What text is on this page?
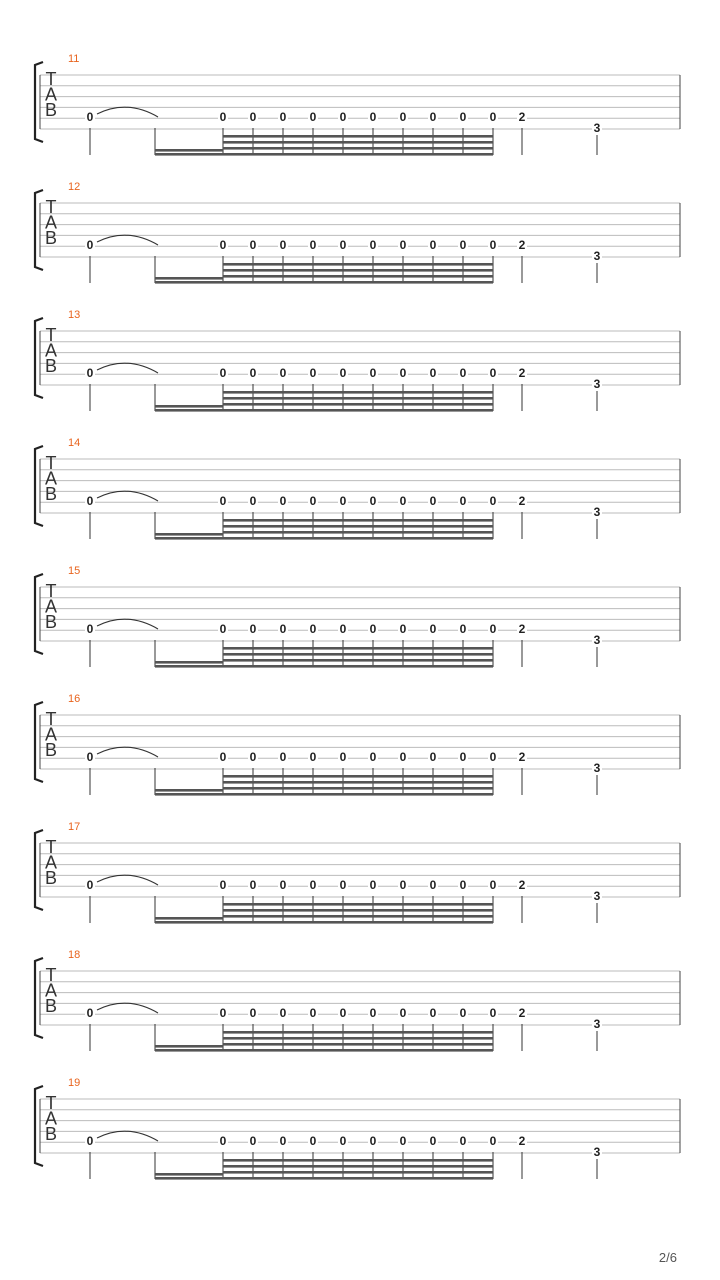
T
A
B
11
0	0 0 0 0 0 0 0 0 0 0 2
3
T
A
B
12
0	0 0 0 0 0 0 0 0 0 0 2
3
T
A
B
13
0	0 0 0 0 0 0 0 0 0 0 2
3
T
A
B
14
0	0 0 0 0 0 0 0 0 0 0 2
3
T
A
B
15
0	0 0 0 0 0 0 0 0 0 0 2
3
T
A
B
16
0	0 0 0 0 0 0 0 0 0 0 2
3
T
A
B
17
0	0 0 0 0 0 0 0 0 0 0 2
3
T
A
B
18
0	0 0 0 0 0 0 0 0 0 0 2
3
T
A
B
19
0	0 0 0 0 0 0 0 0 0 0 2
3
2/6
